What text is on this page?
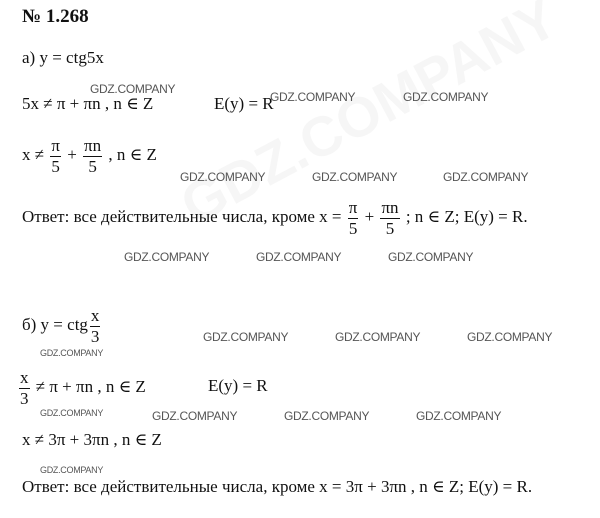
№ 1.268
а) y = ctg5x
5x ≠ π + πn , n ∈ Z	E(y) = R
$x \ne \frac{\pi}{5} + \frac{\pi n}{5}$ , n ∈ Z
Ответ: все действительные числа, кроме $x = \frac{\pi}{5} + \frac{\pi n}{5}$ ; n ∈ Z; E(y) = R.
б) y = ctg $\frac{x}{3}$
$\frac{x}{3} \ne \pi + \pi n$ , n ∈ Z	E(y) = R
x ≠ 3π + 3πn , n ∈ Z
Ответ: все действительные числа, кроме x = 3π + 3πn , n ∈ Z; E(y) = R.
GDZ.COMPANY
GDZ.COMPANY	GDZ.COMPANY
GDZ.COMPANY	GDZ.COMPANY	GDZ.COMPANY
GDZ.COMPANY	GDZ.COMPANY	GDZ.COMPANY
GDZ.COMPANY	GDZ.COMPANY	GDZ.COMPANY
GDZ.COMPANY
GDZ.COMPANY	GDZ.COMPANY	GDZ.COMPANY	GDZ.COMPANY
GDZ.COMPANY
